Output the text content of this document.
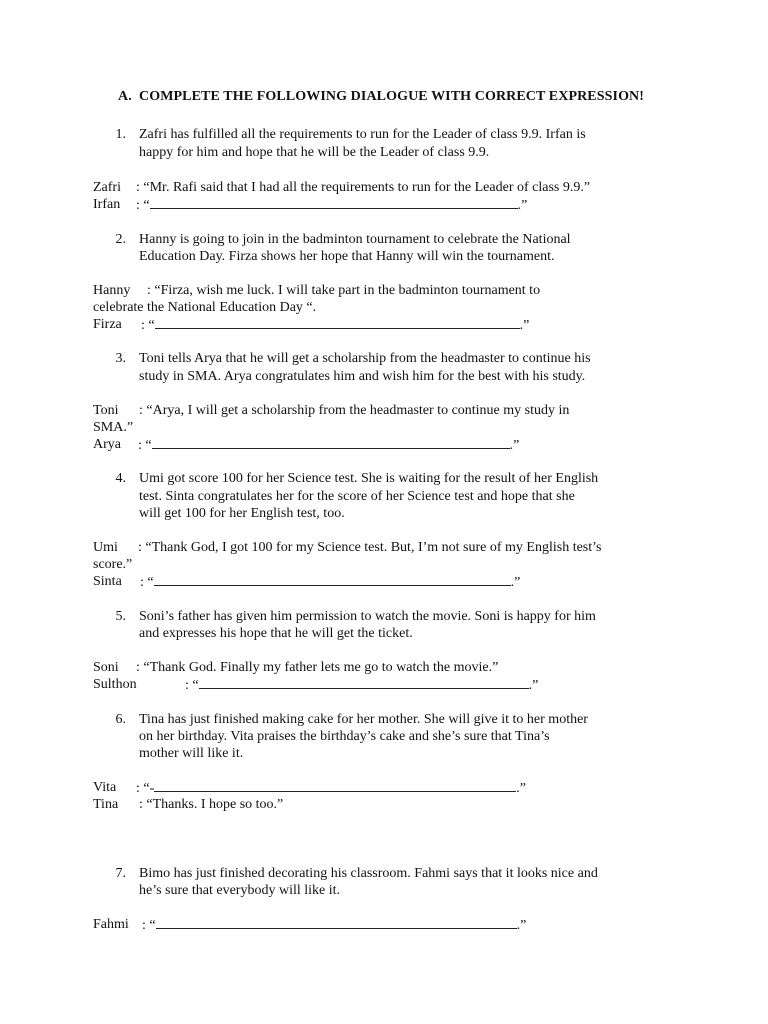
A. COMPLETE THE FOLLOWING DIALOGUE WITH CORRECT EXPRESSION!
1. Zafri has fulfilled all the requirements to run for the Leader of class 9.9. Irfan is
happy for him and hope that he will be the Leader of class 9.9.
Zafri	: “Mr. Rafi said that I had all the requirements to run for the Leader of class 9.9.”
Irfan	: “	.”
2. Hanny is going to join in the badminton tournament to celebrate the National
Education Day. Firza shows her hope that Hanny will win the tournament.
Hanny	: “Firza, wish me luck. I will take part in the badminton tournament to
celebrate the National Education Day “.
Firza	: “	.”
3. Toni tells Arya that he will get a scholarship from the headmaster to continue his
study in SMA. Arya congratulates him and wish him for the best with his study.
Toni	: “Arya, I will get a scholarship from the headmaster to continue my study in
SMA.”
Arya	: “	.”
4. Umi got score 100 for her Science test. She is waiting for the result of her English
test. Sinta congratulates her for the score of her Science test and hope that she
will get 100 for her English test, too.
Umi	: “Thank God, I got 100 for my Science test. But, I’m not sure of my English test’s
score.”
Sinta	: “	.”
5. Soni’s father has given him permission to watch the movie. Soni is happy for him
and expresses his hope that he will get the ticket.
Soni	: “Thank God. Finally my father lets me go to watch the movie.”
Sulthon	: “	.”
6. Tina has just finished making cake for her mother. She will give it to her mother
on her birthday. Vita praises the birthday’s cake and she’s sure that Tina’s
mother will like it.
Vita	: “-	.”
Tina	: “Thanks. I hope so too.”
7. Bimo has just finished decorating his classroom. Fahmi says that it looks nice and
he’s sure that everybody will like it.
Fahmi : “	.”
